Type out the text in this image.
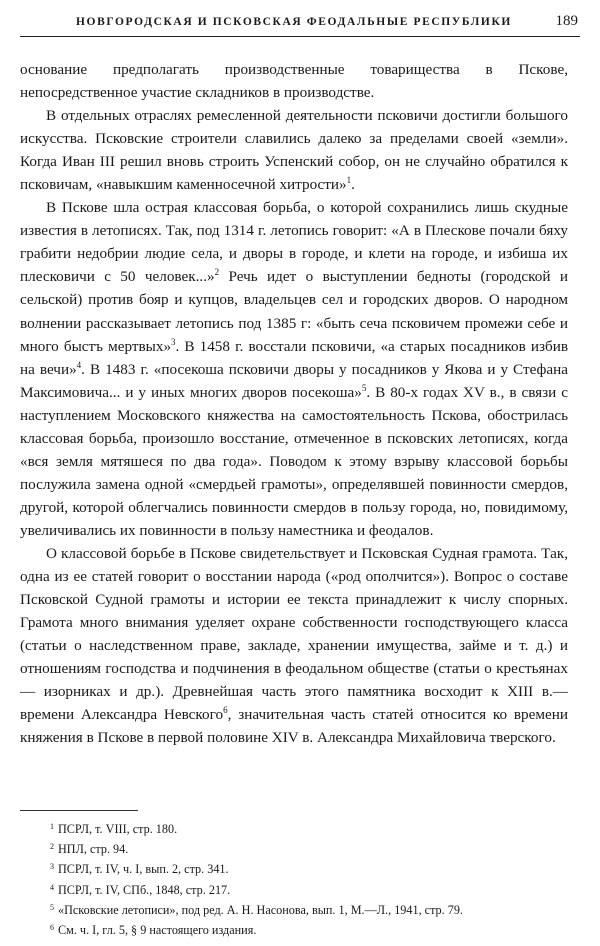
НОВГОРОДСКАЯ И ПСКОВСКАЯ ФЕОДАЛЬНЫЕ РЕСПУБЛИКИ	189

основание предполагать производственные товарищества в Пскове, непосредственное участие складников в производстве.

В отдельных отраслях ремесленной деятельности псковичи достигли большого искусства. Псковские строители славились далеко за пределами своей «земли». Когда Иван III решил вновь строить Успенский собор, он не случайно обратился к псковичам, «навыкшим каменносечной хитрости»$^1$.

В Пскове шла острая классовая борьба, о которой сохранились лишь скудные известия в летописях. Так, под 1314 г. летопись говорит: «А в Плескове почали бяху грабити недобрии людие села, и дворы в городе, и клети на городе, и избиша их плесковичи с 50 человек...»$^2$ Речь идет о выступлении бедноты (городской и сельской) против бояр и купцов, владельцев сел и городских дворов. О народном волнении рассказывает летопись под 1385 г: «быть сеча псковичем промежи себе и много быстъ мертвых»$^3$. В 1458 г. восстали псковичи, «а старых посадников избив на вечи»$^4$. В 1483 г. «посекоша псковичи дворы у посадников у Якова и у Стефана Максимовича... и у иных многих дворов посекоша»$^5$. В 80-х годах XV в., в связи с наступлением Московского княжества на самостоятельность Пскова, обострилась классовая борьба, произошло восстание, отмеченное в псковских летописях, когда «вся земля мятяшеся по два года». Поводом к этому взрыву классовой борьбы послужила замена одной «смердьей грамоты», определявшей повинности смердов, другой, которой облегчались повинности смердов в пользу города, но, повидимому, увеличивались их повинности в пользу наместника и феодалов.

О классовой борьбе в Пскове свидетельствует и Псковская Судная грамота. Так, одна из ее статей говорит о восстании народа («род ополчится»). Вопрос о составе Псковской Судной грамоты и истории ее текста принадлежит к числу спорных. Грамота много внимания уделяет охране собственности господствующего класса (статьи о наследственном праве, закладе, хранении имущества, займе и т. д.) и отношениям господства и подчинения в феодальном обществе (статьи о крестьянах — изорниках и др.). Древнейшая часть этого памятника восходит к XIII в.— времени Александра Невского$^6$, значительная часть статей относится ко времени княжения в Пскове в первой половине XIV в. Александра Михайловича тверского.

$^1$ ПСРЛ, т. VIII, стр. 180.

$^2$ НПЛ, стр. 94.

$^3$ ПСРЛ, т. IV, ч. I, вып. 2, стр. 341.

$^4$ ПСРЛ, т. IV, СПб., 1848, стр. 217.

$^5$ «Псковские летописи», под ред. А. Н. Насонова, вып. 1, М.—Л., 1941, стр. 79.

$^6$ См. ч. I, гл. 5, § 9 настоящего издания.
